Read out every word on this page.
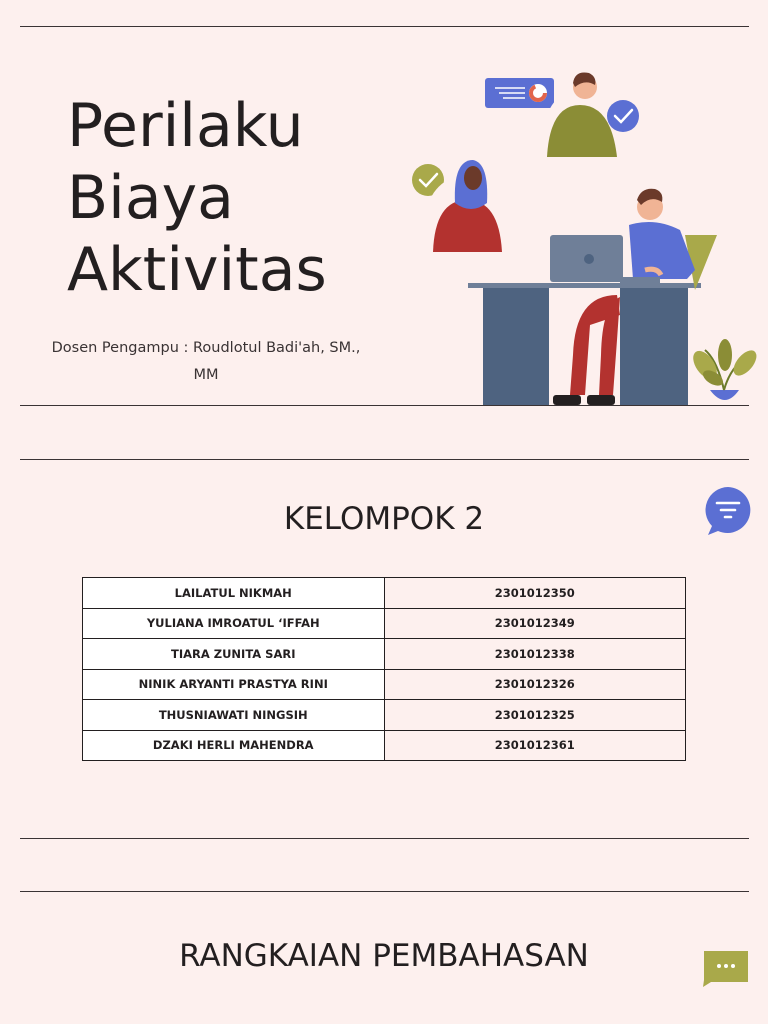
Perilaku
Biaya
Aktivitas
Dosen Pengampu : Roudlotul Badi'ah, SM.,
MM
KELOMPOK 2
LAILATUL NIKMAH	2301012350
YULIANA IMROATUL ‘IFFAH	2301012349
TIARA ZUNITA SARI	2301012338
NINIK ARYANTI PRASTYA RINI	2301012326
THUSNIAWATI NINGSIH	2301012325
DZAKI HERLI MAHENDRA	2301012361
RANGKAIAN PEMBAHASAN
